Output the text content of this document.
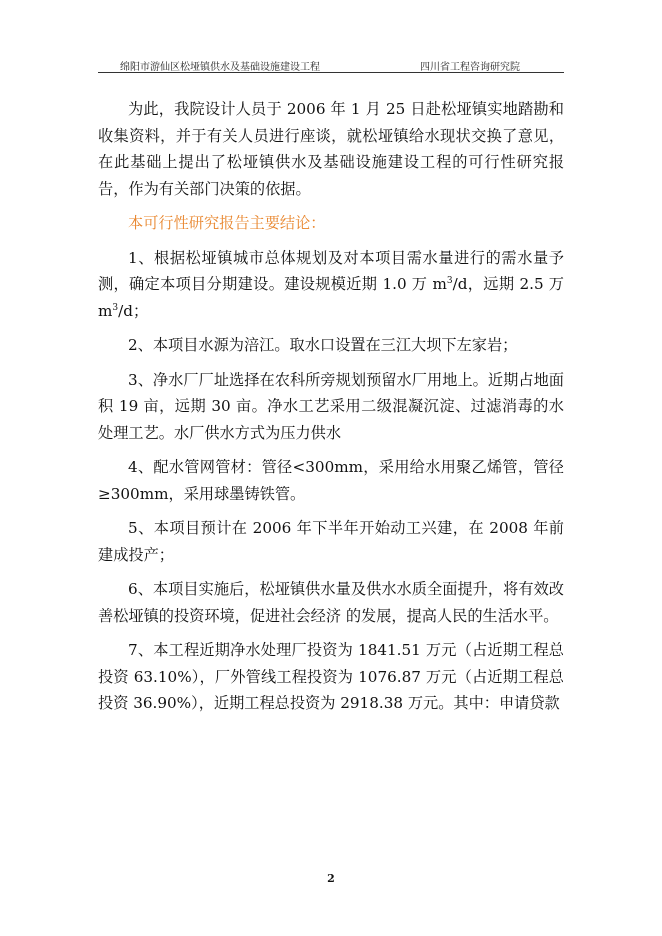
绵阳市游仙区松垭镇供水及基础设施建设工程	四川省工程咨询研究院

为此，我院设计人员于 2006 年 1 月 25 日赴松垭镇实地踏勘和收集资料，并于有关人员进行座谈，就松垭镇给水现状交换了意见，在此基础上提出了松垭镇供水及基础设施建设工程的可行性研究报告，作为有关部门决策的依据。

本可行性研究报告主要结论：

1、根据松垭镇城市总体规划及对本项目需水量进行的需水量予测，确定本项目分期建设。建设规模近期 1.0 万 $m^3/d$，远期 2.5 万 $m^3/d$；

2、本项目水源为涪江。取水口设置在三江大坝下左家岩；

3、净水厂厂址选择在农科所旁规划预留水厂用地上。近期占地面积 19 亩，远期 30 亩。净水工艺采用二级混凝沉淀、过滤消毒的水处理工艺。水厂供水方式为压力供水

4、配水管网管材：管径<300mm，采用给水用聚乙烯管，管径≥300mm，采用球墨铸铁管。

5、本项目预计在 2006 年下半年开始动工兴建，在 2008 年前建成投产；

6、本项目实施后，松垭镇供水量及供水水质全面提升，将有效改善松垭镇的投资环境，促进社会经济 的发展，提高人民的生活水平。

7、本工程近期净水处理厂投资为 1841.51 万元（占近期工程总投资 63.10%），厂外管线工程投资为 1076.87 万元（占近期工程总投资 36.90%），近期工程总投资为 2918.38 万元。其中：申请贷款

2
